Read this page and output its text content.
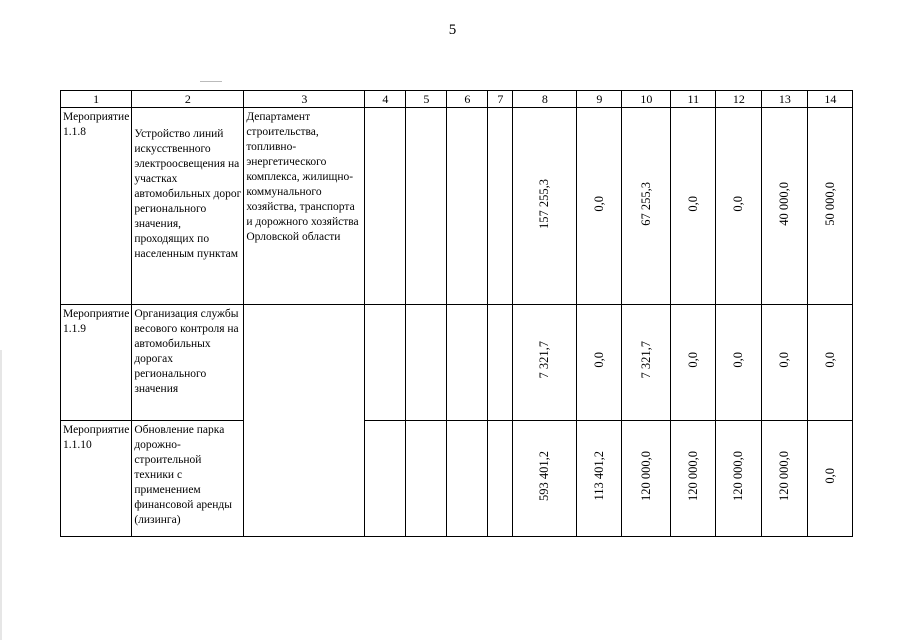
5
1	2	3	4	5	6	7	8	9	10	11	12	13	14
Мероприятие 1.1.8	Устройство линий искусственного электроосвещения на участках автомобильных дорог регионального значения, проходящих по населенным пунктам	Департамент строительства, топливно-энергетического комплекса, жилищно-коммунального хозяйства, транспорта и дорожного хозяйства Орловской области					157 255,3	0,0	67 255,3	0,0	0,0	40 000,0	50 000,0
Мероприятие 1.1.9	Организация службы весового контроля на автомобильных дорогах регионального значения						7 321,7	0,0	7 321,7	0,0	0,0	0,0	0,0
Мероприятие 1.1.10	Обновление парка дорожно-строительной техники с применением финансовой аренды (лизинга)						593 401,2	113 401,2	120 000,0	120 000,0	120 000,0	120 000,0	0,0
